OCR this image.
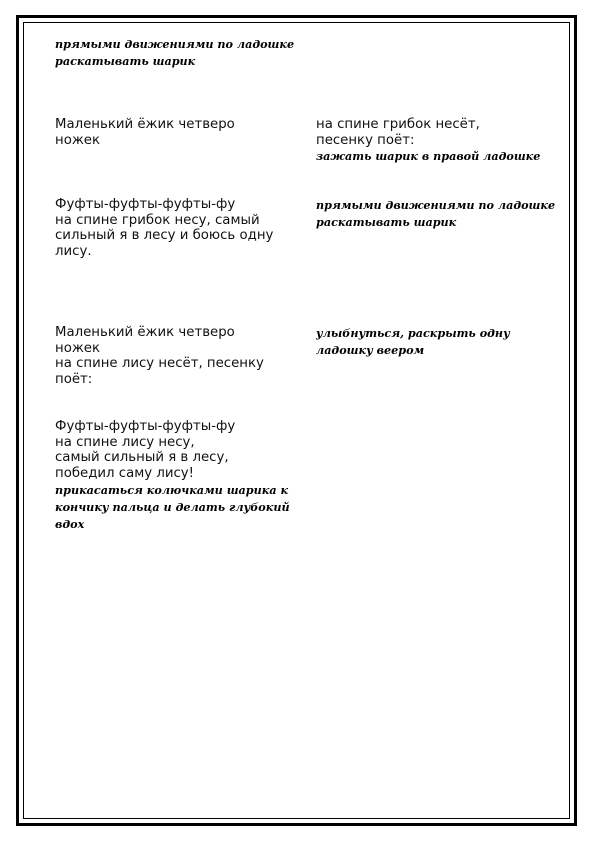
прямыми движениями по ладошке
раскатывать шарик
Маленький ёжик четверо
ножек
на спине грибок несёт,
песенку поёт:
зажать шарик в правой ладошке
Фуфты-фуфты-фуфты-фу
на спине грибок несу, самый
сильный я в лесу и боюсь одну
лису.
прямыми движениями по ладошке
раскатывать шарик
Маленький ёжик четверо
ножек
на спине лису несёт, песенку
поёт:
улыбнуться, раскрыть одну
ладошку веером
Фуфты-фуфты-фуфты-фу
на спине лису несу,
самый сильный я в лесу,
победил саму лису!
прикасаться колючками шарика к
кончику пальца и делать глубокий
вдох
